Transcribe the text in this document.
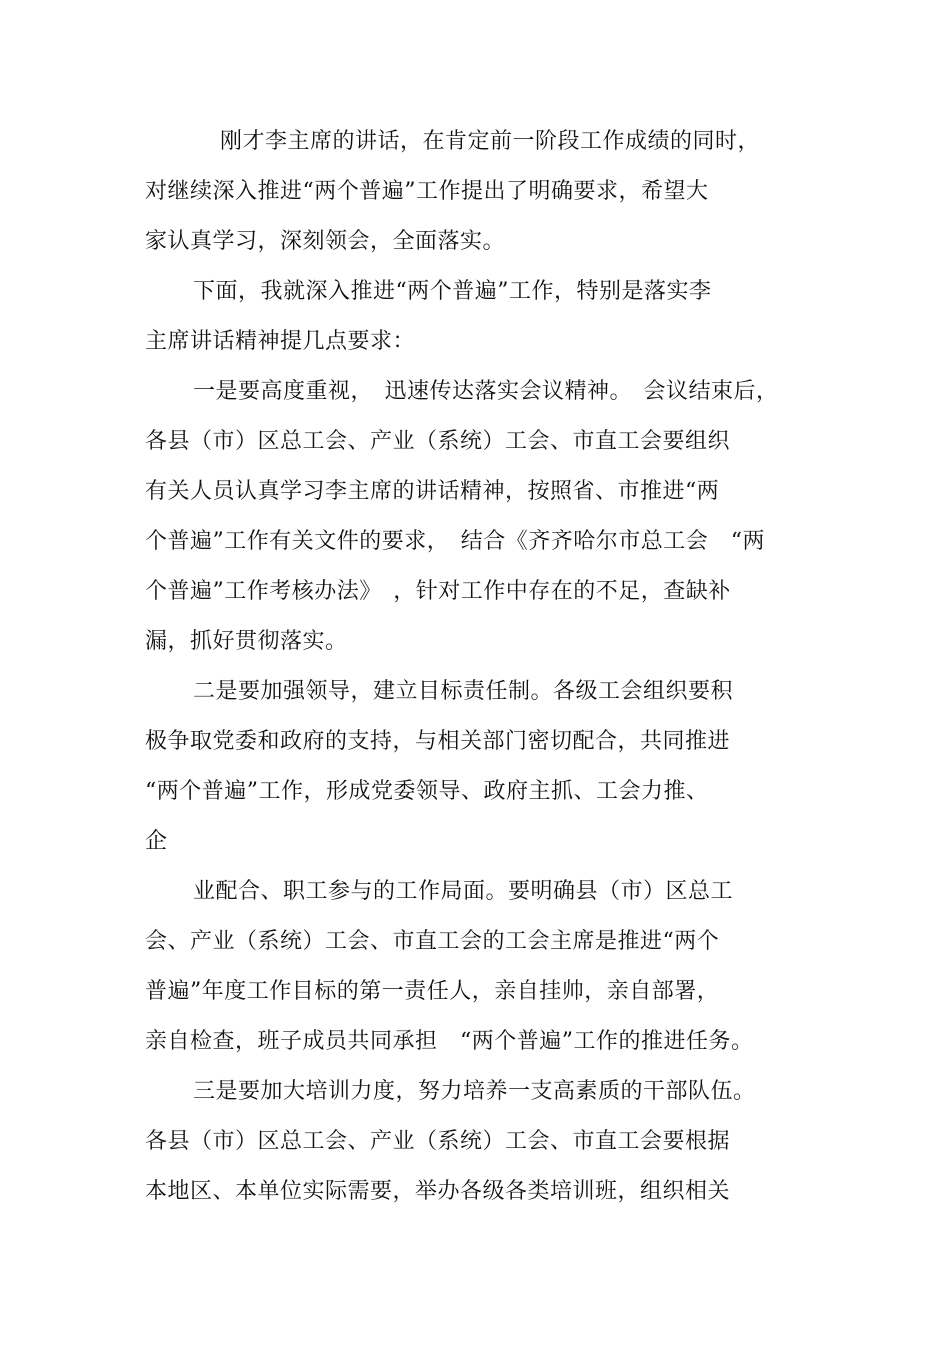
刚才李主席的讲话，在肯定前一阶段工作成绩的同时，
对继续深入推进“两个普遍”工作提出了明确要求，希望大
家认真学习，深刻领会，全面落实。
下面，我就深入推进“两个普遍”工作，特别是落实李
主席讲话精神提几点要求：
一是要高度重视，　迅速传达落实会议精神。　会议结束后，
各县（市）区总工会、产业（系统）工会、市直工会要组织
有关人员认真学习李主席的讲话精神，按照省、市推进“两
个普遍”工作有关文件的要求，　结合《齐齐哈尔市总工会　“两
个普遍”工作考核办法》　，针对工作中存在的不足，查缺补
漏，抓好贯彻落实。
二是要加强领导，建立目标责任制。各级工会组织要积
极争取党委和政府的支持，与相关部门密切配合，共同推进
“两个普遍”工作，形成党委领导、政府主抓、工会力推、
企
业配合、职工参与的工作局面。要明确县（市）区总工
会、产业（系统）工会、市直工会的工会主席是推进“两个
普遍”年度工作目标的第一责任人，亲自挂帅，亲自部署，
亲自检查，班子成员共同承担　“两个普遍”工作的推进任务。
三是要加大培训力度，努力培养一支高素质的干部队伍。
各县（市）区总工会、产业（系统）工会、市直工会要根据
本地区、本单位实际需要，举办各级各类培训班，组织相关
